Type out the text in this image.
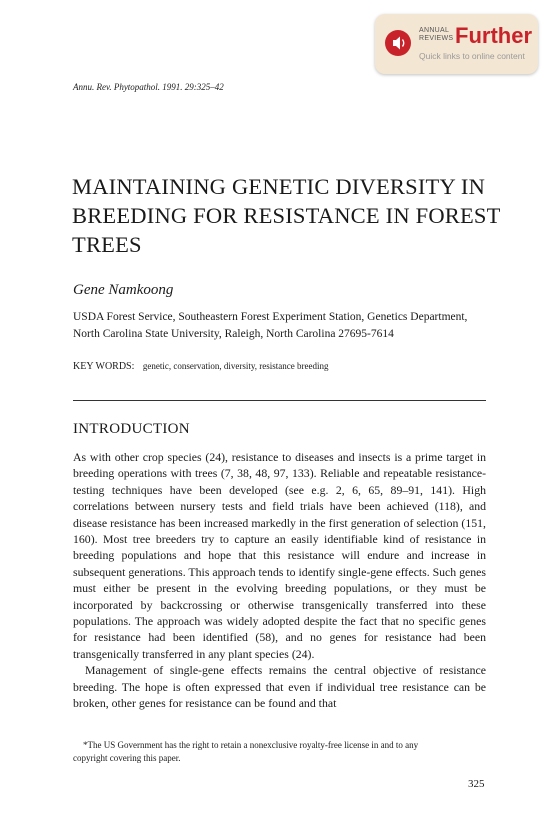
ANNUAL
REVIEWS Further
Quick links to online content
Annu. Rev. Phytopathol. 1991. 29:325–42
MAINTAINING GENETIC DIVERSITY IN BREEDING FOR RESISTANCE IN FOREST TREES
Gene Namkoong
USDA Forest Service, Southeastern Forest Experiment Station, Genetics Department,
North Carolina State University, Raleigh, North Carolina 27695-7614
KEY WORDS: genetic, conservation, diversity, resistance breeding
INTRODUCTION

As with other crop species (24), resistance to diseases and insects is a prime target in breeding operations with trees (7, 38, 48, 97, 133). Reliable and repeatable resistance-testing techniques have been developed (see e.g. 2, 6, 65, 89–91, 141). High correlations between nursery tests and field trials have been achieved (118), and disease resistance has been increased markedly in the first generation of selection (151, 160). Most tree breeders try to capture an easily identifiable kind of resistance in breeding populations and hope that this resistance will endure and increase in subsequent generations. This approach tends to identify single-gene effects. Such genes must either be present in the evolving breeding populations, or they must be incorporated by backcrossing or otherwise transgenically transferred into these populations. The approach was widely adopted despite the fact that no specific genes for resistance had been identified (58), and no genes for resistance had been transgenically transferred in any plant species (24).

Management of single-gene effects remains the central objective of resistance breeding. The hope is often expressed that even if individual tree resistance can be broken, other genes for resistance can be found and that

*The US Government has the right to retain a nonexclusive royalty-free license in and to any
copyright covering this paper.
325
